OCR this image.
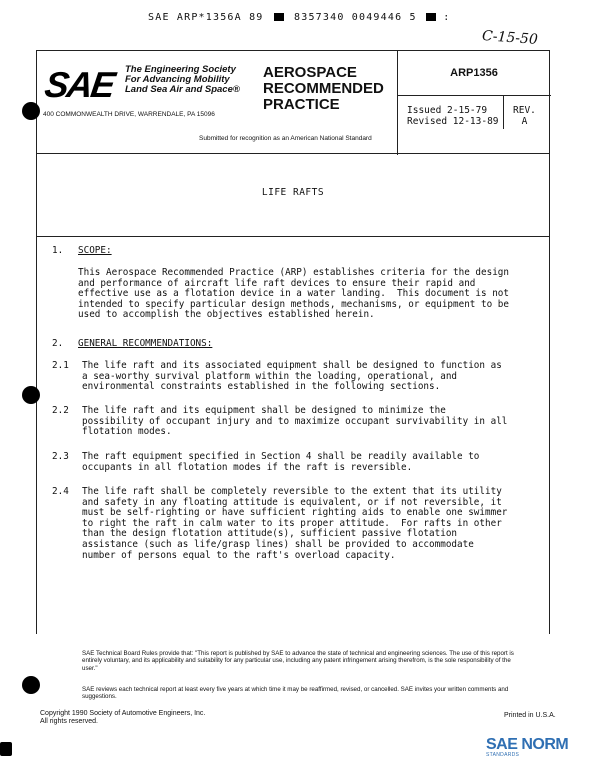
SAE ARP*1356A 89	8357340 0049446 5	:
C-15-50
SAE The Engineering Society
For Advancing Mobility
Land Sea Air and Space®
400 COMMONWEALTH DRIVE, WARRENDALE, PA 15096
AEROSPACE
RECOMMENDED
PRACTICE
Submitted for recognition as an American National Standard
ARP1356
Issued 2-15-79
Revised 12-13-89
REV.
A
LIFE RAFTS
1. SCOPE:
This Aerospace Recommended Practice (ARP) establishes criteria for the design
and performance of aircraft life raft devices to ensure their rapid and
effective use as a flotation device in a water landing.  This document is not
intended to specify particular design methods, mechanisms, or equipment to be
used to accomplish the objectives established herein.
2. GENERAL RECOMMENDATIONS:
2.1 The life raft and its associated equipment shall be designed to function as
a sea-worthy survival platform within the loading, operational, and
environmental constraints established in the following sections.
2.2 The life raft and its equipment shall be designed to minimize the
possibility of occupant injury and to maximize occupant survivability in all
flotation modes.
2.3 The raft equipment specified in Section 4 shall be readily available to
occupants in all flotation modes if the raft is reversible.
2.4 The life raft shall be completely reversible to the extent that its utility
and safety in any floating attitude is equivalent, or if not reversible, it
must be self-righting or have sufficient righting aids to enable one swimmer
to right the raft in calm water to its proper attitude.  For rafts in other
than the design flotation attitude(s), sufficient passive flotation
assistance (such as life/grasp lines) shall be provided to accommodate
number of persons equal to the raft's overload capacity.
SAE Technical Board Rules provide that: "This report is published by SAE to advance the state of technical and engineering sciences. The use of this report is entirely voluntary, and its applicability and suitability for any particular use, including any patent infringement arising therefrom, is the sole responsibility of the user."
SAE reviews each technical report at least every five years at which time it may be reaffirmed, revised, or cancelled. SAE invites your written comments and suggestions.
Copyright 1990 Society of Automotive Engineers, Inc.
All rights reserved.
Printed in U.S.A.
SAE NORM
STANDARDS
